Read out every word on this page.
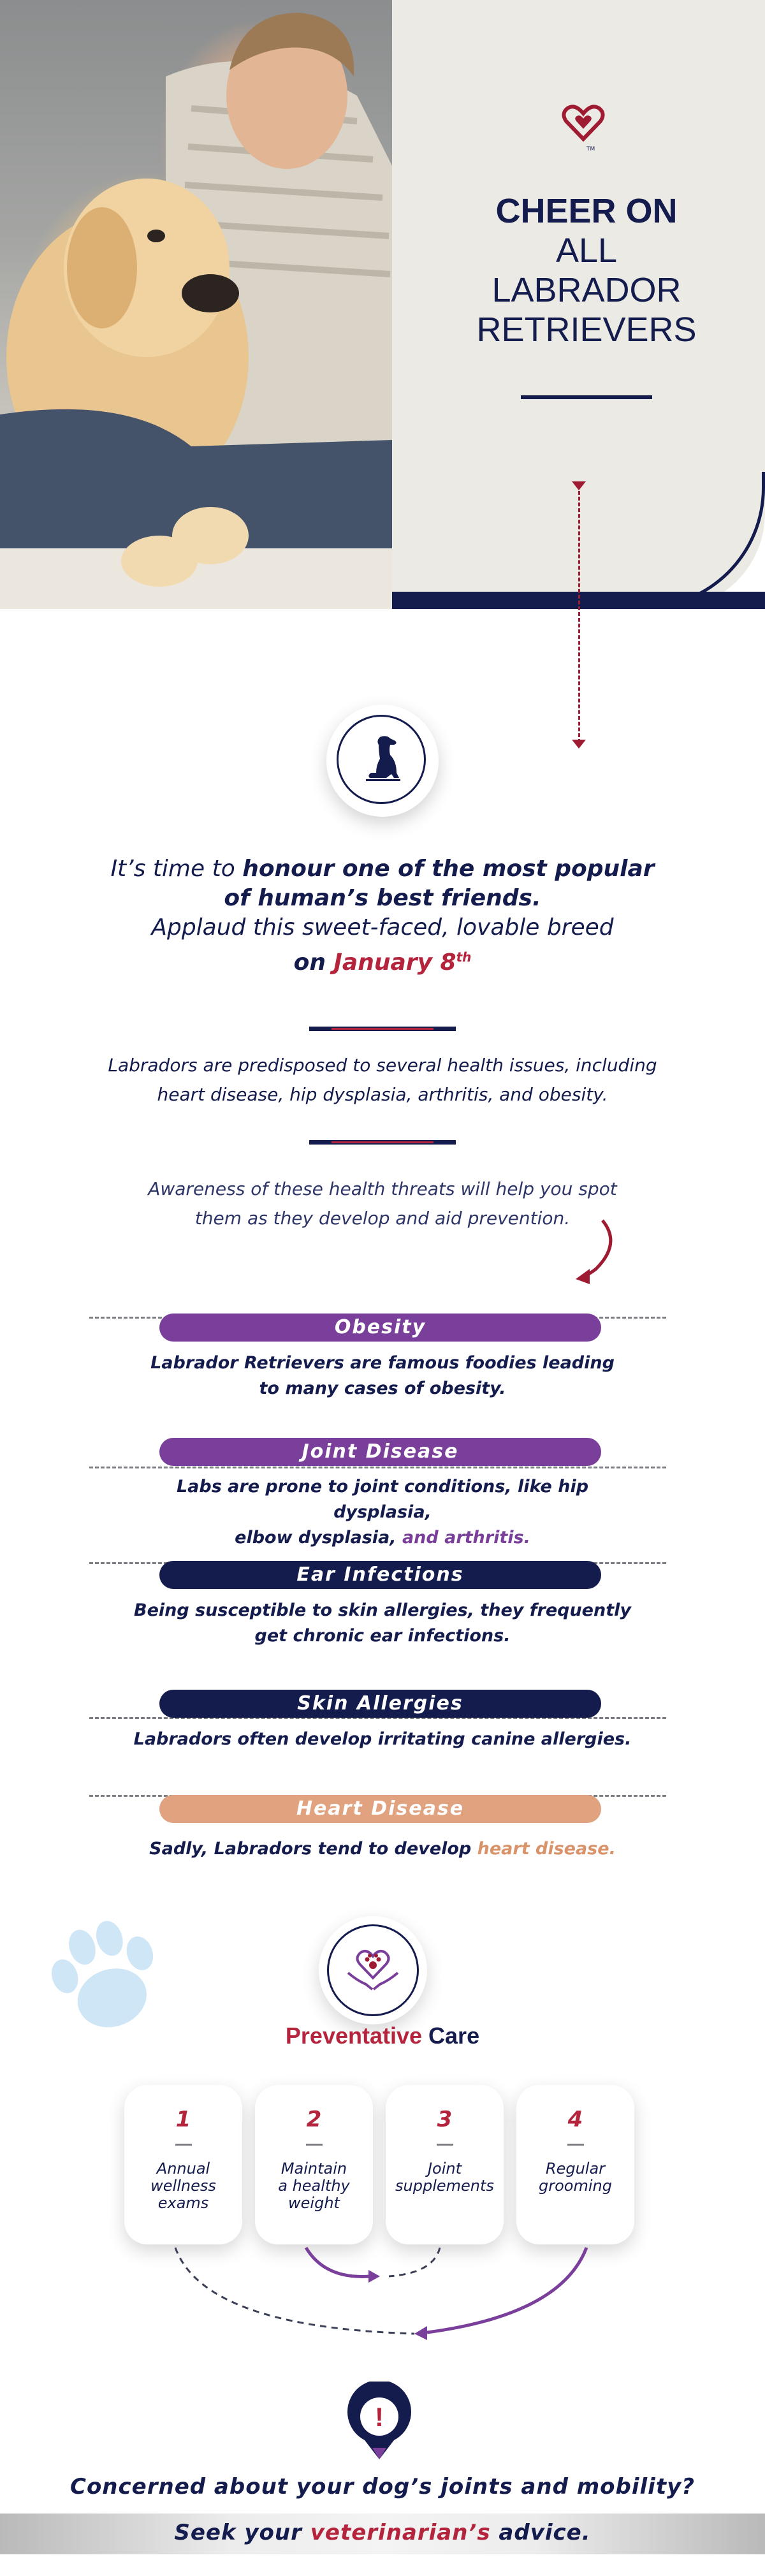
TM
CHEER ON
ALL
LABRADOR
RETRIEVERS
It’s time to honour one of the most popular
of human’s best friends.
Applaud this sweet-faced, lovable breed
on January 8th
Labradors are predisposed to several health issues, including
heart disease, hip dysplasia, arthritis, and obesity.
Awareness of these health threats will help you spot
them as they develop and aid prevention.
Obesity
Labrador Retrievers are famous foodies leading
to many cases of obesity.
Joint Disease
Labs are prone to joint conditions, like hip dysplasia,
elbow dysplasia, and arthritis.
Ear Infections
Being susceptible to skin allergies, they frequently
get chronic ear infections.
Skin Allergies
Labradors often develop irritating canine allergies.
Heart Disease
Sadly, Labradors tend to develop heart disease.
Preventative Care
1
Annual
wellness
exams
2
Maintain
a healthy
weight
3
Joint
supplements
4
Regular
grooming
!
Concerned about your dog’s joints and mobility?
Seek your veterinarian’s advice.
